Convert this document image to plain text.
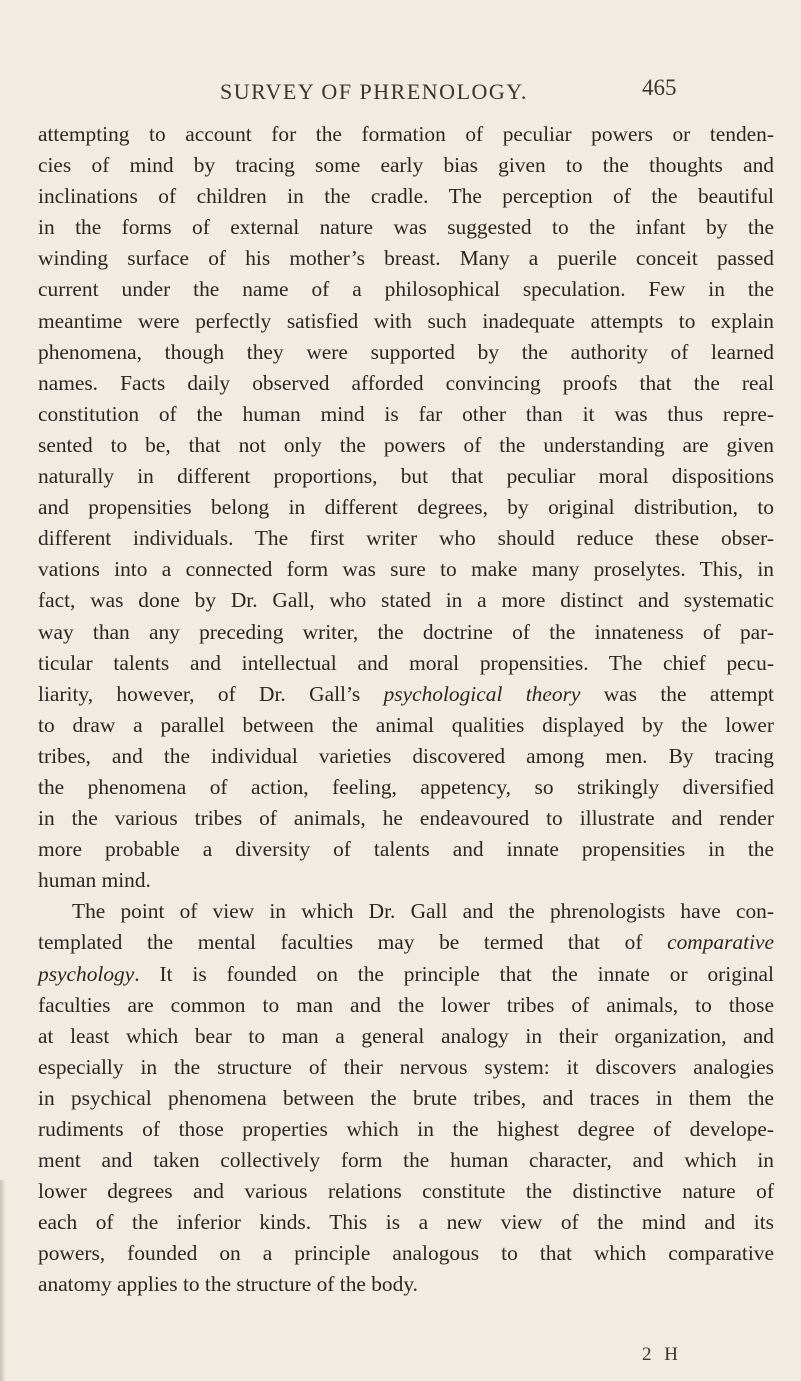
SURVEY OF PHRENOLOGY.	465
attempting to account for the formation of peculiar powers or tenden-
cies of mind by tracing some early bias given to the thoughts and
inclinations of children in the cradle. The perception of the beautiful
in the forms of external nature was suggested to the infant by the
winding surface of his mother’s breast. Many a puerile conceit passed
current under the name of a philosophical speculation. Few in the
meantime were perfectly satisfied with such inadequate attempts to explain
phenomena, though they were supported by the authority of learned
names. Facts daily observed afforded convincing proofs that the real
constitution of the human mind is far other than it was thus repre-
sented to be, that not only the powers of the understanding are given
naturally in different proportions, but that peculiar moral dispositions
and propensities belong in different degrees, by original distribution, to
different individuals. The first writer who should reduce these obser-
vations into a connected form was sure to make many proselytes. This, in
fact, was done by Dr. Gall, who stated in a more distinct and systematic
way than any preceding writer, the doctrine of the innateness of par-
ticular talents and intellectual and moral propensities. The chief pecu-
liarity, however, of Dr. Gall’s psychological theory was the attempt
to draw a parallel between the animal qualities displayed by the lower
tribes, and the individual varieties discovered among men. By tracing
the phenomena of action, feeling, appetency, so strikingly diversified
in the various tribes of animals, he endeavoured to illustrate and render
more probable a diversity of talents and innate propensities in the
human mind.
The point of view in which Dr. Gall and the phrenologists have con-
templated the mental faculties may be termed that of comparative
psychology. It is founded on the principle that the innate or original
faculties are common to man and the lower tribes of animals, to those
at least which bear to man a general analogy in their organization, and
especially in the structure of their nervous system: it discovers analogies
in psychical phenomena between the brute tribes, and traces in them the
rudiments of those properties which in the highest degree of develope-
ment and taken collectively form the human character, and which in
lower degrees and various relations constitute the distinctive nature of
each of the inferior kinds. This is a new view of the mind and its
powers, founded on a principle analogous to that which comparative
anatomy applies to the structure of the body.
2 H
